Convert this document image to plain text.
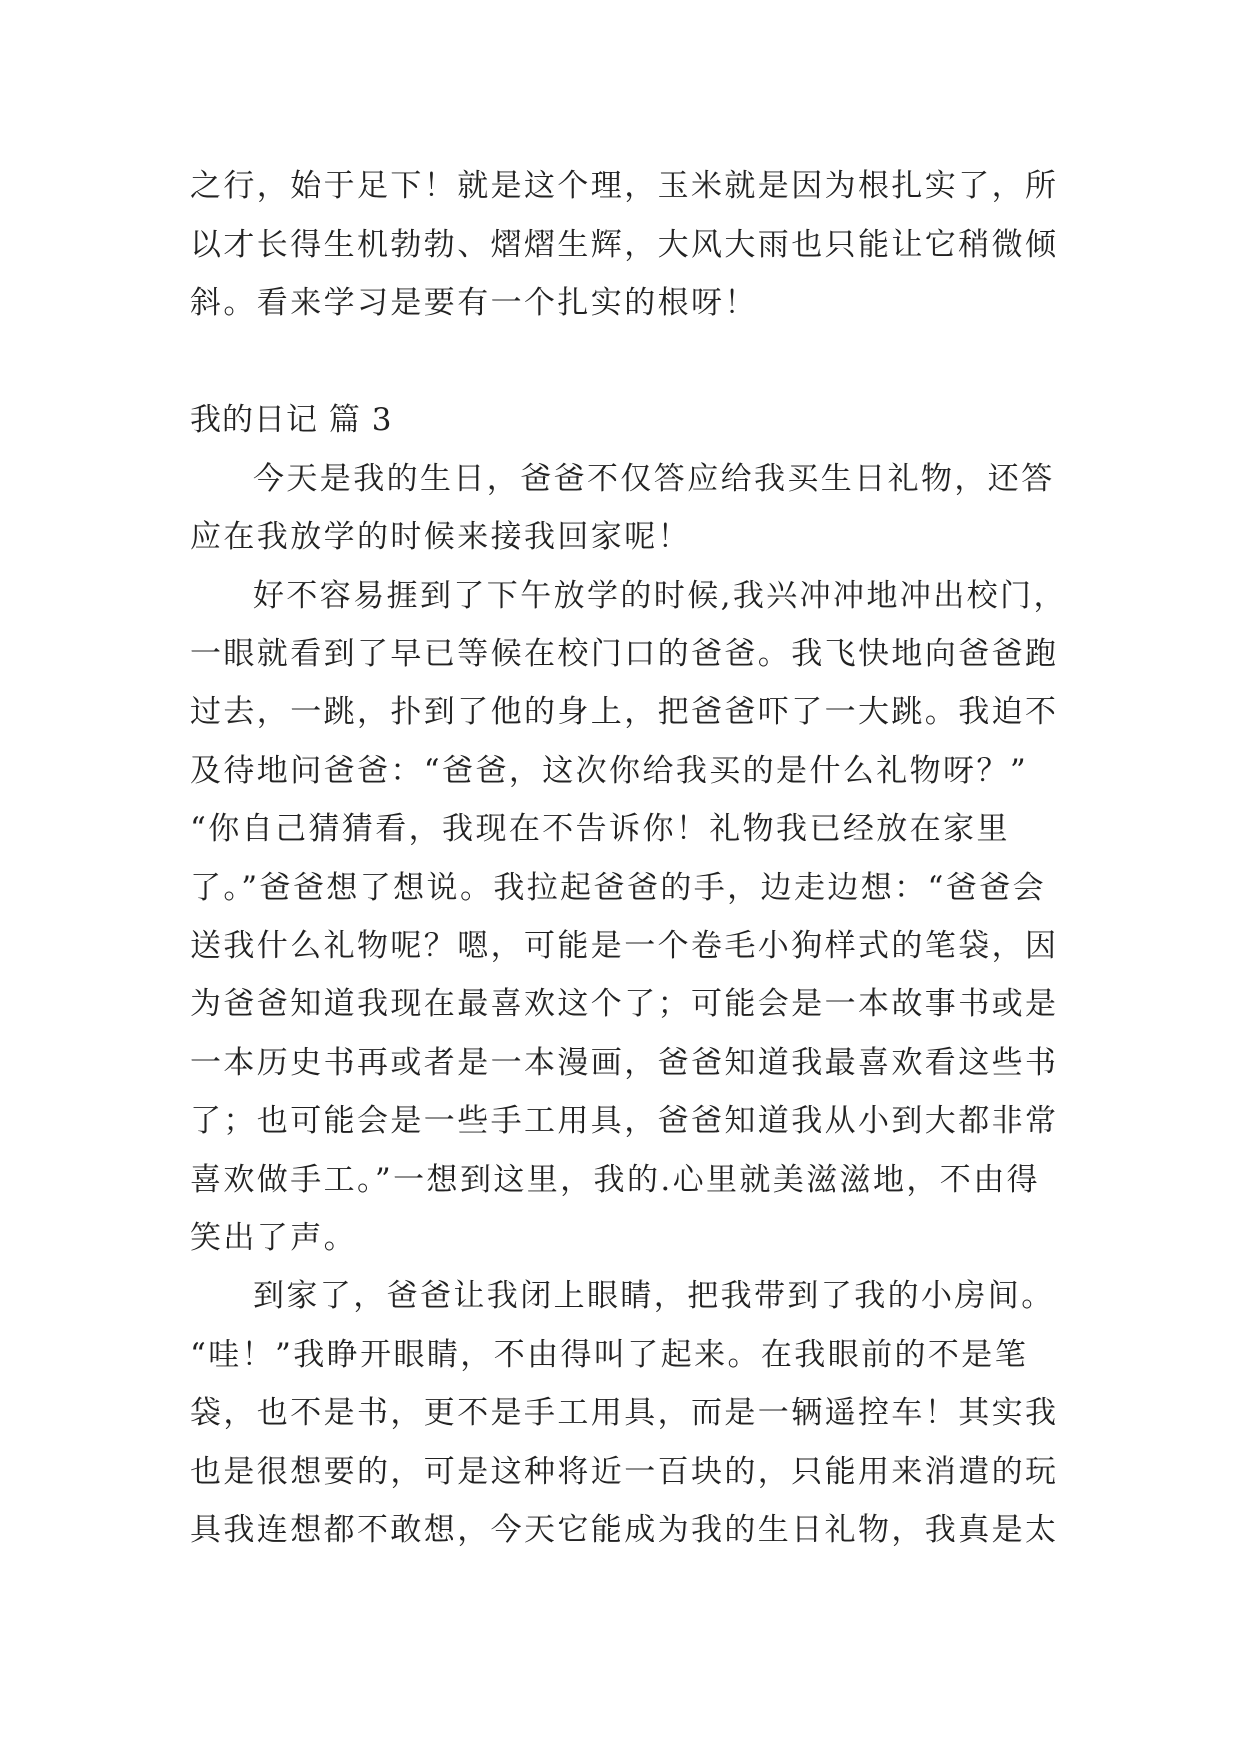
之行，始于足下！就是这个理，玉米就是因为根扎实了，所
以才长得生机勃勃、熠熠生辉，大风大雨也只能让它稍微倾
斜。看来学习是要有一个扎实的根呀！
我的日记 篇 3
今天是我的生日，爸爸不仅答应给我买生日礼物，还答
应在我放学的时候来接我回家呢！
好不容易捱到了下午放学的时候,我兴冲冲地冲出校门，
一眼就看到了早已等候在校门口的爸爸。我飞快地向爸爸跑
过去，一跳，扑到了他的身上，把爸爸吓了一大跳。我迫不
及待地问爸爸：“爸爸，这次你给我买的是什么礼物呀？”
“你自己猜猜看，我现在不告诉你！礼物我已经放在家里
了。”爸爸想了想说。我拉起爸爸的手，边走边想：“爸爸会
送我什么礼物呢？嗯，可能是一个卷毛小狗样式的笔袋，因
为爸爸知道我现在最喜欢这个了；可能会是一本故事书或是
一本历史书再或者是一本漫画，爸爸知道我最喜欢看这些书
了；也可能会是一些手工用具，爸爸知道我从小到大都非常
喜欢做手工。”一想到这里，我的.心里就美滋滋地，不由得
笑出了声。
到家了，爸爸让我闭上眼睛，把我带到了我的小房间。
“哇！”我睁开眼睛，不由得叫了起来。在我眼前的不是笔
袋，也不是书，更不是手工用具，而是一辆遥控车！其实我
也是很想要的，可是这种将近一百块的，只能用来消遣的玩
具我连想都不敢想，今天它能成为我的生日礼物，我真是太
